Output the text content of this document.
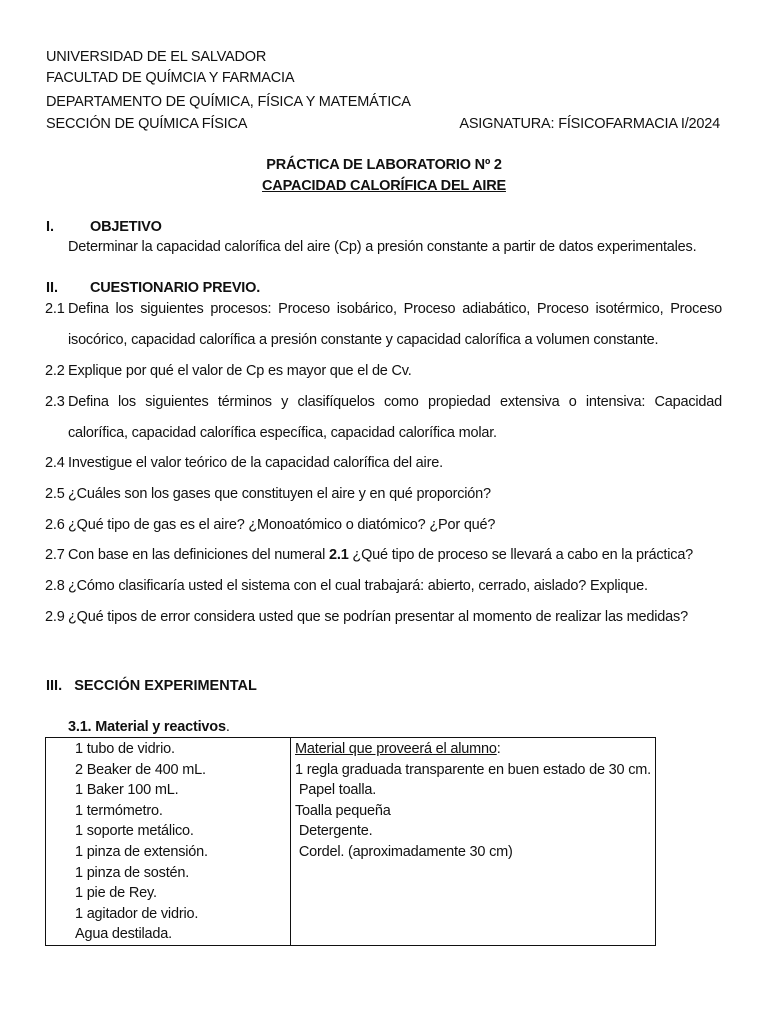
UNIVERSIDAD DE EL SALVADOR
FACULTAD DE QUÍMCIA Y FARMACIA
DEPARTAMENTO DE QUÍMICA, FÍSICA Y MATEMÁTICA
SECCIÓN DE QUÍMICA FÍSICA	ASIGNATURA: FÍSICOFARMACIA I/2024
PRÁCTICA DE LABORATORIO Nº 2
CAPACIDAD CALORÍFICA DEL AIRE
I. OBJETIVO
Determinar la capacidad calorífica del aire (Cp) a presión constante a partir de datos experimentales.
II. CUESTIONARIO PREVIO.
2.1 Defina los siguientes procesos: Proceso isobárico, Proceso adiabático, Proceso isotérmico, Proceso
isocórico, capacidad calorífica a presión constante y capacidad calorífica a volumen constante.
2.2 Explique por qué el valor de Cp es mayor que el de Cv.
2.3 Defina los siguientes términos y clasifíquelos como propiedad extensiva o intensiva: Capacidad
calorífica, capacidad calorífica específica, capacidad calorífica molar.
2.4 Investigue el valor teórico de la capacidad calorífica del aire.
2.5 ¿Cuáles son los gases que constituyen el aire y en qué proporción?
2.6 ¿Qué tipo de gas es el aire? ¿Monoatómico o diatómico? ¿Por qué?
2.7 Con base en las definiciones del numeral 2.1 ¿Qué tipo de proceso se llevará a cabo en la práctica?
2.8 ¿Cómo clasificaría usted el sistema con el cual trabajará: abierto, cerrado, aislado? Explique.
2.9 ¿Qué tipos de error considera usted que se podrían presentar al momento de realizar las medidas?
III.   SECCIÓN EXPERIMENTAL
3.1. Material y reactivos.
1 tubo de vidrio.
2 Beaker de 400 mL.
1 Baker 100 mL.
1 termómetro.
1 soporte metálico.
1 pinza de extensión.
1 pinza de sostén.
1 pie de Rey.
1 agitador de vidrio.
Agua destilada.

Material que proveerá el alumno:
1 regla graduada transparente en buen estado de 30 cm.
Papel toalla.
Toalla pequeña
Detergente.
Cordel. (aproximadamente 30 cm)
